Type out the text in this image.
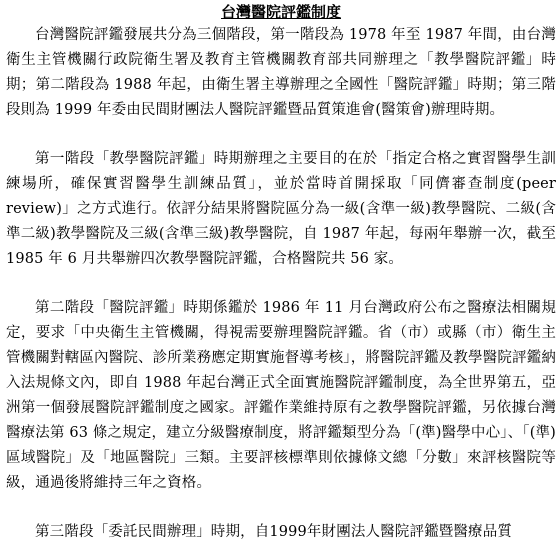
台灣醫院評鑑制度

台灣醫院評鑑發展共分為三個階段，第一階段為 1978 年至 1987 年間，由台灣衛生主管機關行政院衛生署及教育主管機關教育部共同辦理之「教學醫院評鑑」時期；第二階段為 1988 年起，由衛生署主導辦理之全國性「醫院評鑑」時期；第三階段則為 1999 年委由民間財團法人醫院評鑑暨品質策進會(醫策會)辦理時期。

第一階段「教學醫院評鑑」時期辦理之主要目的在於「指定合格之實習醫學生訓練場所，確保實習醫學生訓練品質」，並於當時首開採取「同儕審查制度(peer review)」之方式進行。依評分結果將醫院區分為一級(含準一級)教學醫院、二級(含準二級)教學醫院及三級(含準三級)教學醫院，自 1987 年起，每兩年舉辦一次，截至 1985 年 6 月共舉辦四次教學醫院評鑑，合格醫院共 56 家。

第二階段「醫院評鑑」時期係鑑於 1986 年 11 月台灣政府公布之醫療法相關規定，要求「中央衛生主管機關，得視需要辦理醫院評鑑。省（市）或縣（市）衛生主管機關對轄區內醫院、診所業務應定期實施督導考核」，將醫院評鑑及教學醫院評鑑納入法規條文內，即自 1988 年起台灣正式全面實施醫院評鑑制度，為全世界第五，亞洲第一個發展醫院評鑑制度之國家。評鑑作業維持原有之教學醫院評鑑，另依據台灣醫療法第 63 條之規定，建立分級醫療制度，將評鑑類型分為「(準)醫學中心」、「(準)區域醫院」及「地區醫院」三類。主要評核標準則依據條文總「分數」來評核醫院等級，通過後將維持三年之資格。

第三階段「委託民間辦理」時期，自1999年財團法人醫院評鑑暨醫療品質
